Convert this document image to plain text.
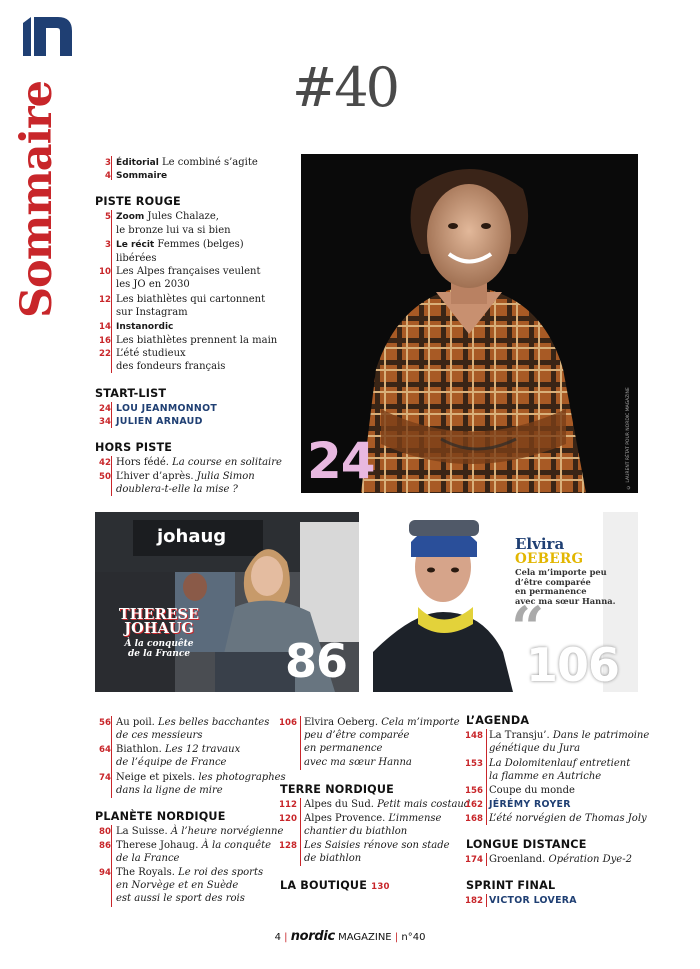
Sommaire	#40
3 Éditorial Le combiné s’agite
4 Sommaire
PISTE ROUGE
5 Zoom Jules Chalaze,
le bronze lui va si bien
3 Le récit Femmes (belges)
libérées
10 Les Alpes françaises veulent
les JO en 2030
12 Les biathlètes qui cartonnent
sur Instagram
14 Instanordic
16 Les biathlètes prennent la main
22 L’été studieux
des fondeurs français
START-LIST
24 LOU JEANMONNOT
34 JULIEN ARNAUD
HORS PISTE
42 Hors fédé. La course en solitaire
50 L’hiver d’après. Julia Simon
doublera-t-elle la mise ?	24	© LAURENT RÉTAT POUR NORDIC MAGAZINE
johaug
THERESE
JOHAUG
À la conquête
de la France	86
Elvira
OEBERG
Cela m’importe peu
d’être comparée
en permanence
avec ma sœur Hanna.
“
106
56 Au poil. Les belles bacchantes
de ces messieurs
64 Biathlon. Les 12 travaux
de l’équipe de France
74 Neige et pixels. les photographes
dans la ligne de mire
PLANÈTE NORDIQUE
80 La Suisse. À l’heure norvégienne
86 Therese Johaug. À la conquête
de la France
94 The Royals. Le roi des sports
en Norvège et en Suède
est aussi le sport des rois
106 Elvira Oeberg. Cela m’importe
peu d’être comparée
en permanence
avec ma sœur Hanna
TERRE NORDIQUE
112 Alpes du Sud. Petit mais costaud
120 Alpes Provence. L’immense
chantier du biathlon
128 Les Saisies rénove son stade
de biathlon
LA BOUTIQUE 130
L’AGENDA
148 La Transju’. Dans le patrimoine
génétique du Jura
153 La Dolomitenlauf entretient
la flamme en Autriche
156 Coupe du monde
162 JÉRÉMY ROYER
168 L’été norvégien de Thomas Joly
LONGUE DISTANCE
174 Groenland. Opération Dye-2
SPRINT FINAL
182 VICTOR LOVERA
4 | nordic MAGAZINE | n°40
